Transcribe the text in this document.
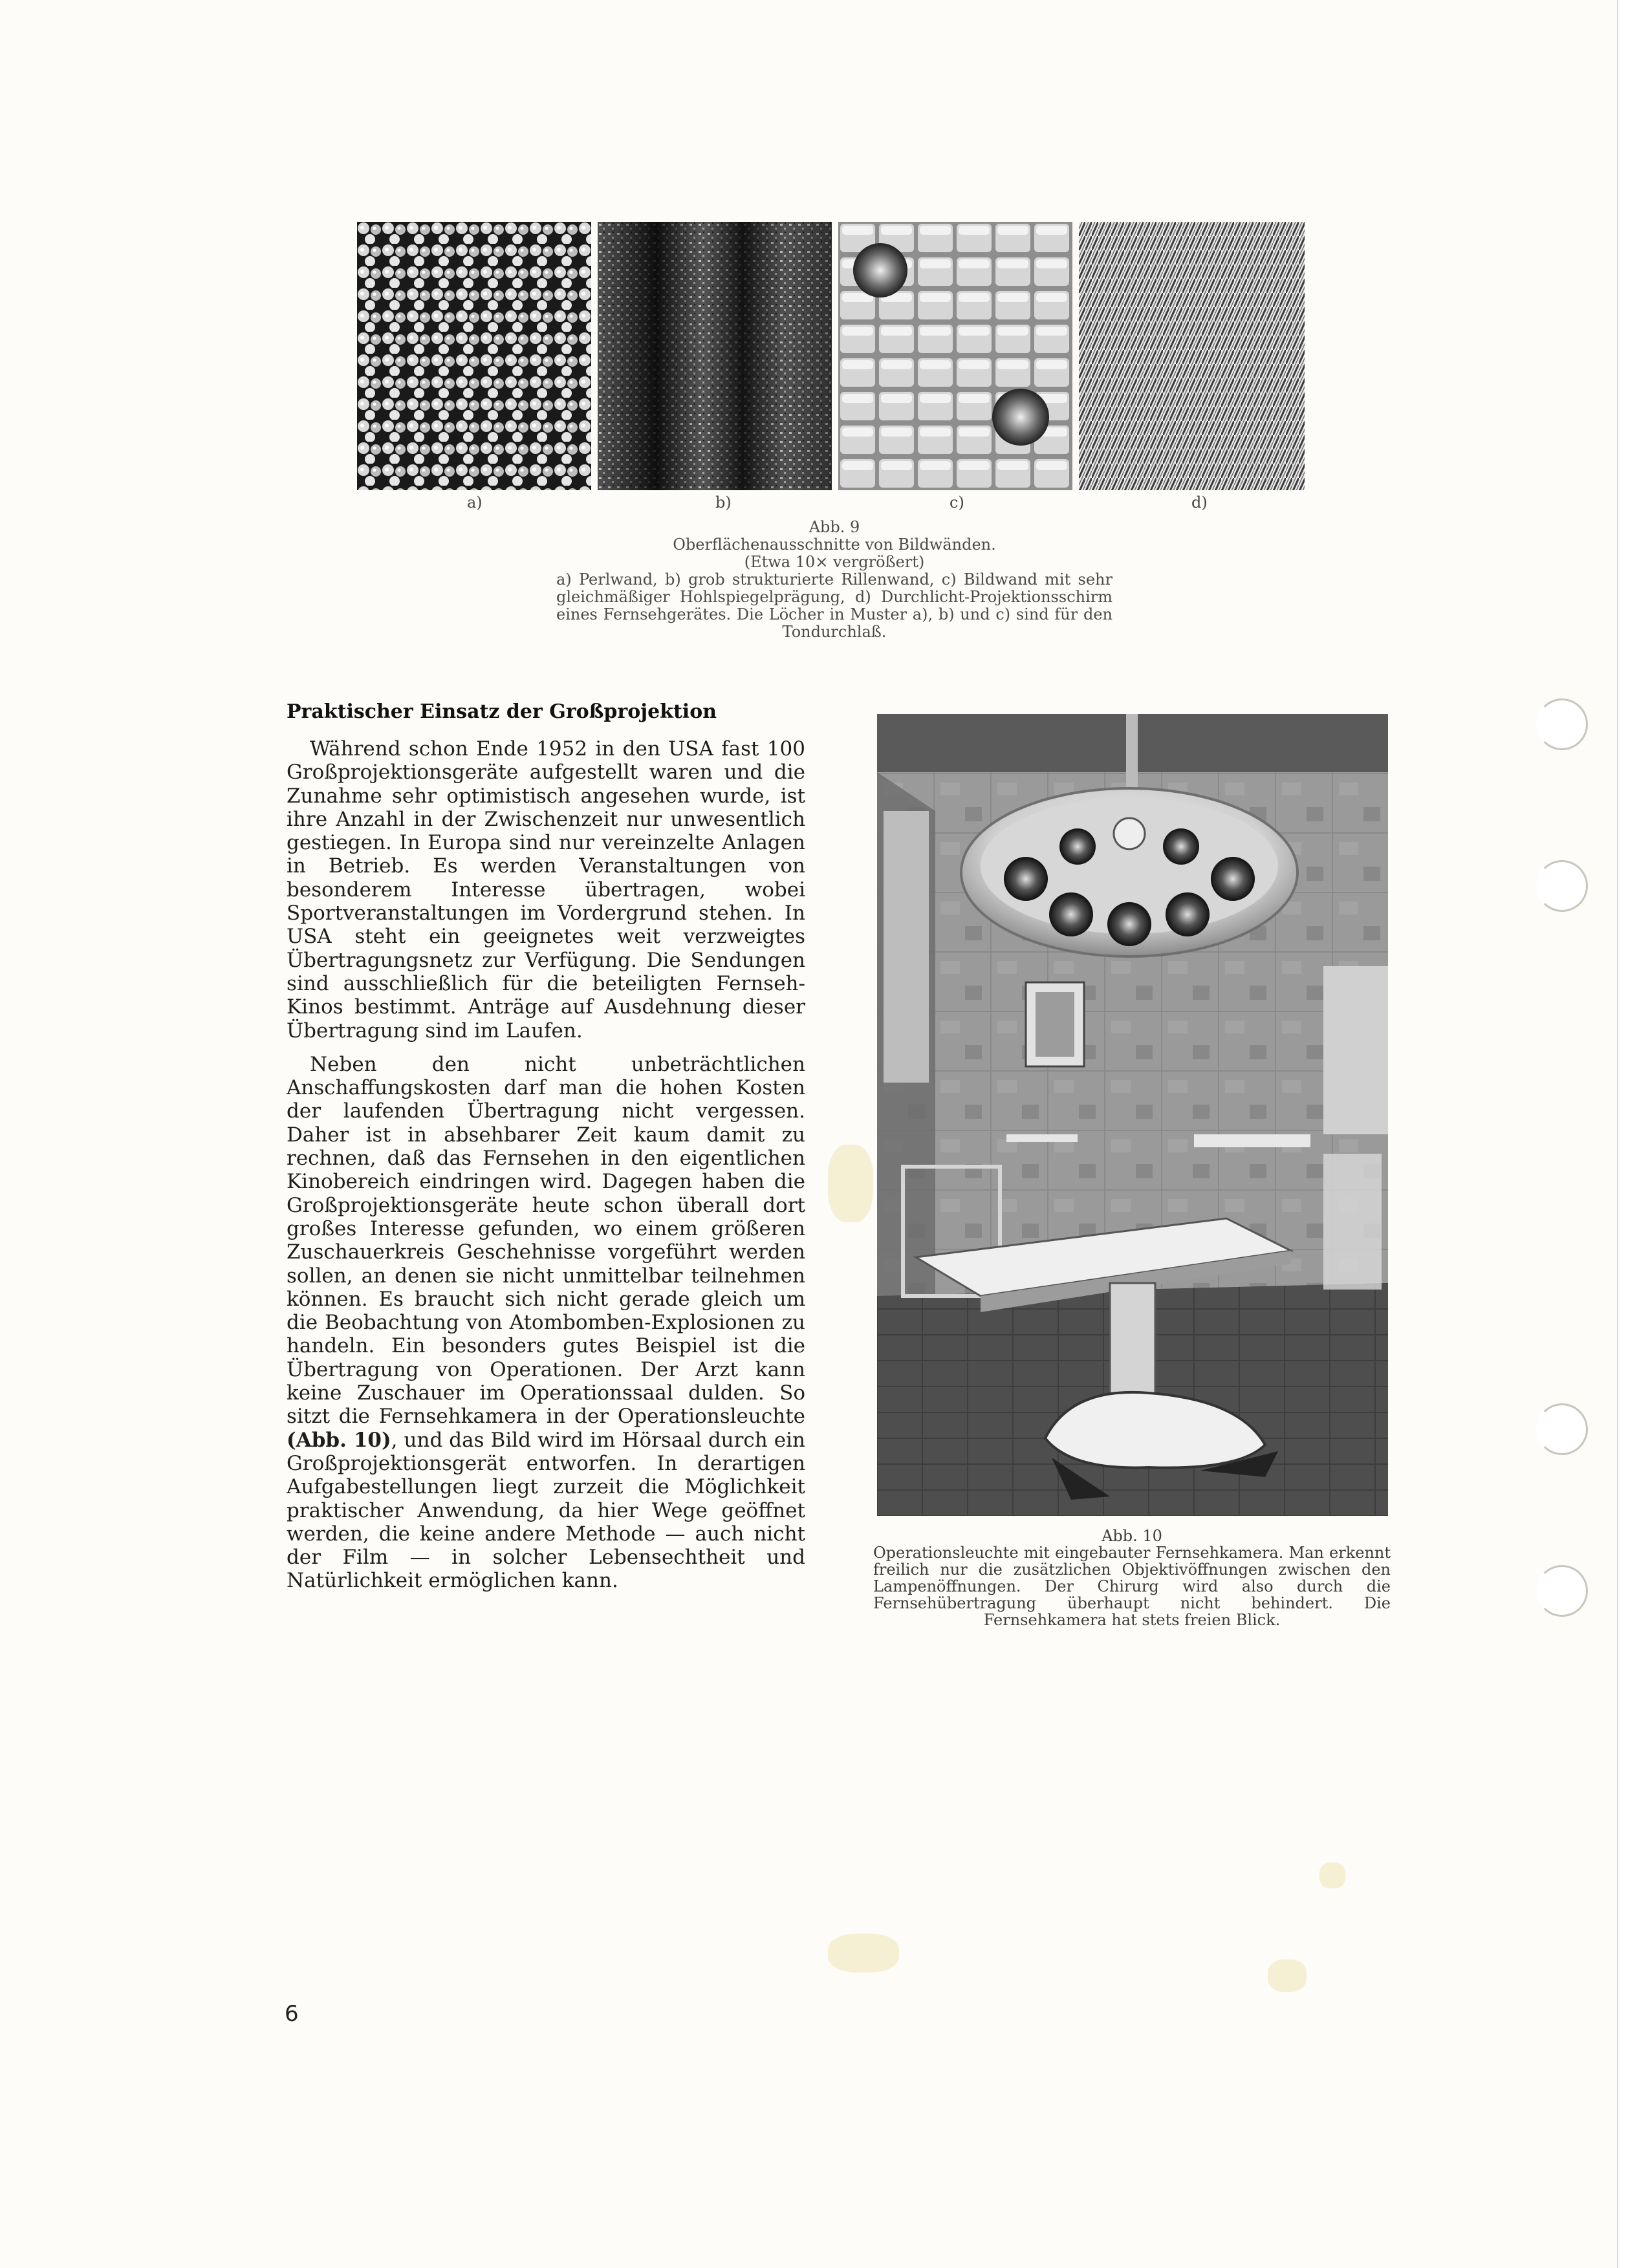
a)	b)	c)	d)
Abb. 9
Oberflächenausschnitte von Bildwänden.
(Etwa 10× vergrößert)
a) Perlwand, b) grob strukturierte Rillenwand, c) Bildwand mit sehr gleichmäßiger Hohlspiegelprägung, d) Durchlicht-Projektionsschirm eines Fernsehgerätes. Die Löcher in Muster a), b) und c) sind für den Tondurchlaß.
Praktischer Einsatz der Großprojektion

Während schon Ende 1952 in den USA fast 100 Großprojektionsgeräte aufgestellt waren und die Zunahme sehr optimistisch angesehen wurde, ist ihre Anzahl in der Zwischenzeit nur unwesentlich gestiegen. In Europa sind nur vereinzelte Anlagen in Betrieb. Es werden Veranstaltungen von besonderem Interesse übertragen, wobei Sportveranstaltungen im Vordergrund stehen. In USA steht ein geeignetes weit verzweigtes Übertragungsnetz zur Verfügung. Die Sendungen sind ausschließlich für die beteiligten Fernseh-Kinos bestimmt. Anträge auf Ausdehnung dieser Übertragung sind im Laufen.

Neben den nicht unbeträchtlichen Anschaffungskosten darf man die hohen Kosten der laufenden Übertragung nicht vergessen. Daher ist in absehbarer Zeit kaum damit zu rechnen, daß das Fernsehen in den eigentlichen Kinobereich eindringen wird. Dagegen haben die Großprojektionsgeräte heute schon überall dort großes Interesse gefunden, wo einem größeren Zuschauerkreis Geschehnisse vorgeführt werden sollen, an denen sie nicht unmittelbar teilnehmen können. Es braucht sich nicht gerade gleich um die Beobachtung von Atombomben-Explosionen zu handeln. Ein besonders gutes Beispiel ist die Übertragung von Operationen. Der Arzt kann keine Zuschauer im Operationssaal dulden. So sitzt die Fernsehkamera in der Operationsleuchte (Abb. 10), und das Bild wird im Hörsaal durch ein Großprojektionsgerät entworfen. In derartigen Aufgabestellungen liegt zurzeit die Möglichkeit praktischer Anwendung, da hier Wege geöffnet werden, die keine andere Methode — auch nicht der Film — in solcher Lebensechtheit und Natürlichkeit ermöglichen kann.

Abb. 10
Operationsleuchte mit eingebauter Fernsehkamera. Man erkennt freilich nur die zusätzlichen Objektivöffnungen zwischen den Lampenöffnungen. Der Chirurg wird also durch die Fernsehübertragung überhaupt nicht behindert. Die Fernsehkamera hat stets freien Blick.
6
